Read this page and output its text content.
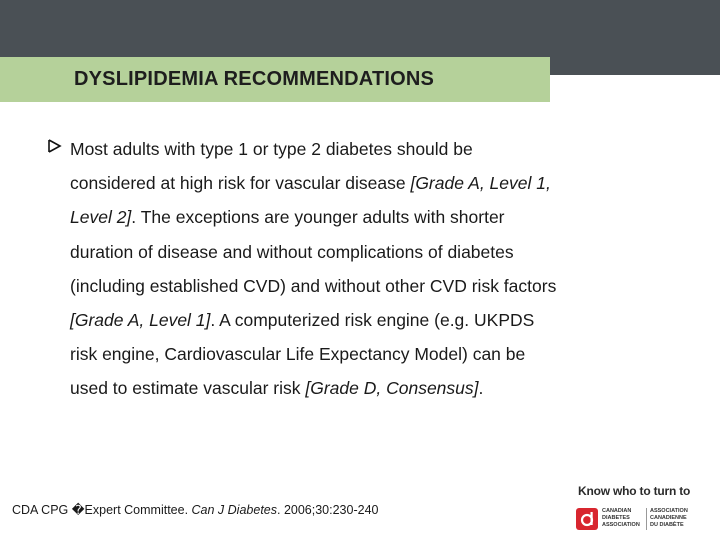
DYSLIPIDEMIA RECOMMENDATIONS
Most adults with type 1 or type 2 diabetes should be
considered at high risk for vascular disease [Grade A, Level 1,
Level 2]. The exceptions are younger adults with shorter
duration of disease and without complications of diabetes
(including established CVD) and without other CVD risk factors
[Grade A, Level 1]. A computerized risk engine (e.g. UKPDS
risk engine, Cardiovascular Life Expectancy Model) can be
used to estimate vascular risk [Grade D, Consensus].
CDA CPG �Expert Committee. Can J Diabetes. 2006;30:230-240
Know who to turn to
CANADIAN
DIABETES
ASSOCIATION
ASSOCIATION
CANADIENNE
DU DIABÈTE
